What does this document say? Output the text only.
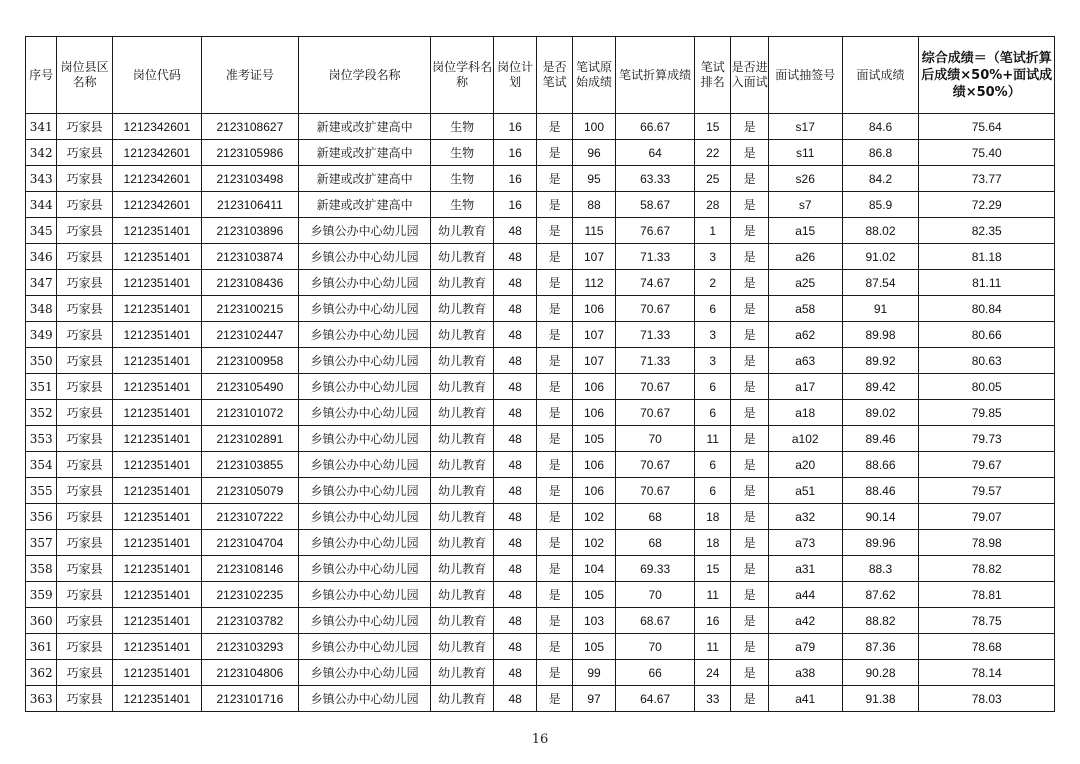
序号	岗位县区名称	岗位代码	准考证号	岗位学段名称	岗位学科名称	岗位计划	是否笔试	笔试原始成绩	笔试折算成绩	笔试排名	是否进入面试	面试抽签号	面试成绩	综合成绩＝（笔试折算后成绩×50%+面试成绩×50%）
341	巧家县	1212342601	2123108627	新建或改扩建高中	生物	16	是	100	66.67	15	是	s17	84.6	75.64
342	巧家县	1212342601	2123105986	新建或改扩建高中	生物	16	是	96	64	22	是	s11	86.8	75.40
343	巧家县	1212342601	2123103498	新建或改扩建高中	生物	16	是	95	63.33	25	是	s26	84.2	73.77
344	巧家县	1212342601	2123106411	新建或改扩建高中	生物	16	是	88	58.67	28	是	s7	85.9	72.29
345	巧家县	1212351401	2123103896	乡镇公办中心幼儿园	幼儿教育	48	是	115	76.67	1	是	a15	88.02	82.35
346	巧家县	1212351401	2123103874	乡镇公办中心幼儿园	幼儿教育	48	是	107	71.33	3	是	a26	91.02	81.18
347	巧家县	1212351401	2123108436	乡镇公办中心幼儿园	幼儿教育	48	是	112	74.67	2	是	a25	87.54	81.11
348	巧家县	1212351401	2123100215	乡镇公办中心幼儿园	幼儿教育	48	是	106	70.67	6	是	a58	91	80.84
349	巧家县	1212351401	2123102447	乡镇公办中心幼儿园	幼儿教育	48	是	107	71.33	3	是	a62	89.98	80.66
350	巧家县	1212351401	2123100958	乡镇公办中心幼儿园	幼儿教育	48	是	107	71.33	3	是	a63	89.92	80.63
351	巧家县	1212351401	2123105490	乡镇公办中心幼儿园	幼儿教育	48	是	106	70.67	6	是	a17	89.42	80.05
352	巧家县	1212351401	2123101072	乡镇公办中心幼儿园	幼儿教育	48	是	106	70.67	6	是	a18	89.02	79.85
353	巧家县	1212351401	2123102891	乡镇公办中心幼儿园	幼儿教育	48	是	105	70	11	是	a102	89.46	79.73
354	巧家县	1212351401	2123103855	乡镇公办中心幼儿园	幼儿教育	48	是	106	70.67	6	是	a20	88.66	79.67
355	巧家县	1212351401	2123105079	乡镇公办中心幼儿园	幼儿教育	48	是	106	70.67	6	是	a51	88.46	79.57
356	巧家县	1212351401	2123107222	乡镇公办中心幼儿园	幼儿教育	48	是	102	68	18	是	a32	90.14	79.07
357	巧家县	1212351401	2123104704	乡镇公办中心幼儿园	幼儿教育	48	是	102	68	18	是	a73	89.96	78.98
358	巧家县	1212351401	2123108146	乡镇公办中心幼儿园	幼儿教育	48	是	104	69.33	15	是	a31	88.3	78.82
359	巧家县	1212351401	2123102235	乡镇公办中心幼儿园	幼儿教育	48	是	105	70	11	是	a44	87.62	78.81
360	巧家县	1212351401	2123103782	乡镇公办中心幼儿园	幼儿教育	48	是	103	68.67	16	是	a42	88.82	78.75
361	巧家县	1212351401	2123103293	乡镇公办中心幼儿园	幼儿教育	48	是	105	70	11	是	a79	87.36	78.68
362	巧家县	1212351401	2123104806	乡镇公办中心幼儿园	幼儿教育	48	是	99	66	24	是	a38	90.28	78.14
363	巧家县	1212351401	2123101716	乡镇公办中心幼儿园	幼儿教育	48	是	97	64.67	33	是	a41	91.38	78.03
16
